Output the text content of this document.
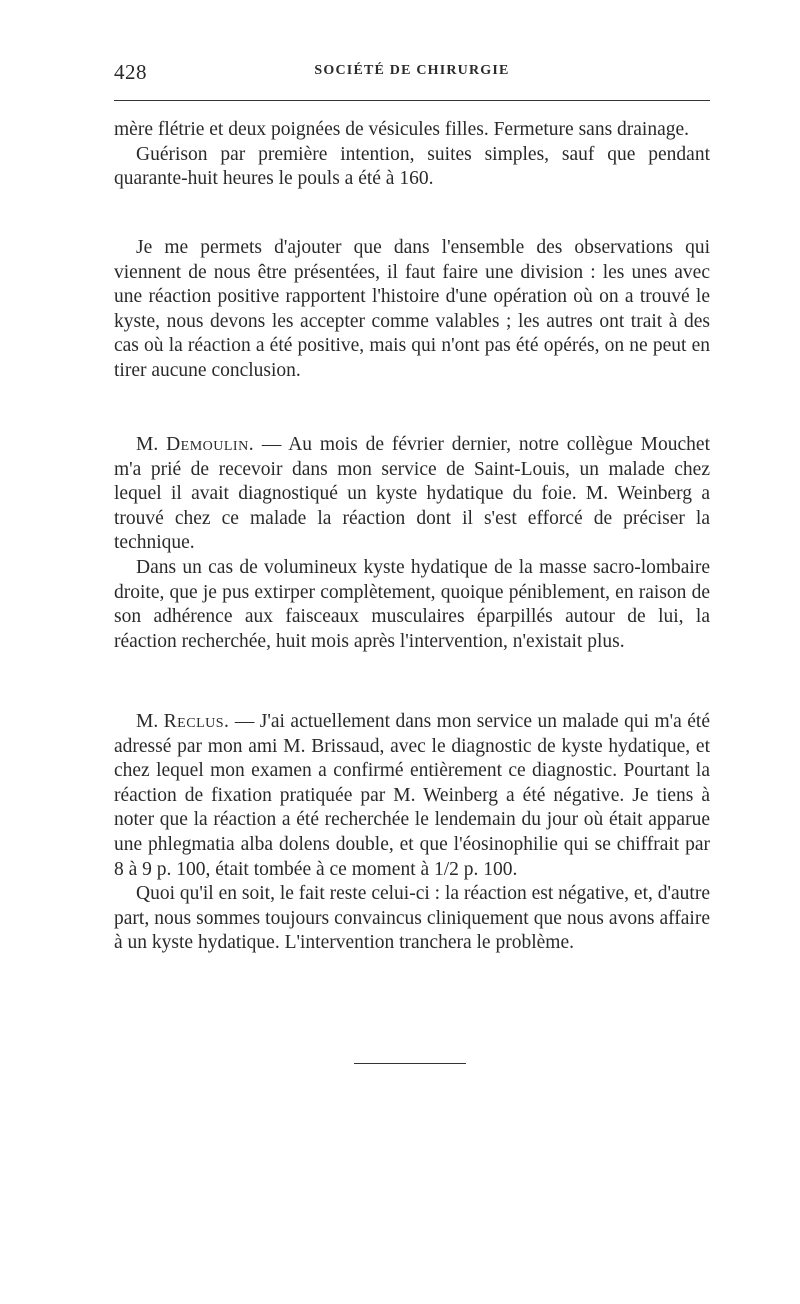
428	SOCIÉTÉ DE CHIRURGIE

mère flétrie et deux poignées de vésicules filles. Fermeture sans drainage.

Guérison par première intention, suites simples, sauf que pendant quarante-huit heures le pouls a été à 160.

Je me permets d'ajouter que dans l'ensemble des observations qui viennent de nous être présentées, il faut faire une division : les unes avec une réaction positive rapportent l'histoire d'une opération où on a trouvé le kyste, nous devons les accepter comme valables ; les autres ont trait à des cas où la réaction a été positive, mais qui n'ont pas été opérés, on ne peut en tirer aucune conclusion.

M. Demoulin. — Au mois de février dernier, notre collègue Mouchet m'a prié de recevoir dans mon service de Saint-Louis, un malade chez lequel il avait diagnostiqué un kyste hydatique du foie. M. Weinberg a trouvé chez ce malade la réaction dont il s'est efforcé de préciser la technique.

Dans un cas de volumineux kyste hydatique de la masse sacro-lombaire droite, que je pus extirper complètement, quoique péniblement, en raison de son adhérence aux faisceaux musculaires éparpillés autour de lui, la réaction recherchée, huit mois après l'intervention, n'existait plus.

M. Reclus. — J'ai actuellement dans mon service un malade qui m'a été adressé par mon ami M. Brissaud, avec le diagnostic de kyste hydatique, et chez lequel mon examen a confirmé entièrement ce diagnostic. Pourtant la réaction de fixation pratiquée par M. Weinberg a été négative. Je tiens à noter que la réaction a été recherchée le lendemain du jour où était apparue une phlegmatia alba dolens double, et que l'éosinophilie qui se chiffrait par 8 à 9 p. 100, était tombée à ce moment à 1/2 p. 100.

Quoi qu'il en soit, le fait reste celui-ci : la réaction est négative, et, d'autre part, nous sommes toujours convaincus cliniquement que nous avons affaire à un kyste hydatique. L'intervention tranchera le problème.
